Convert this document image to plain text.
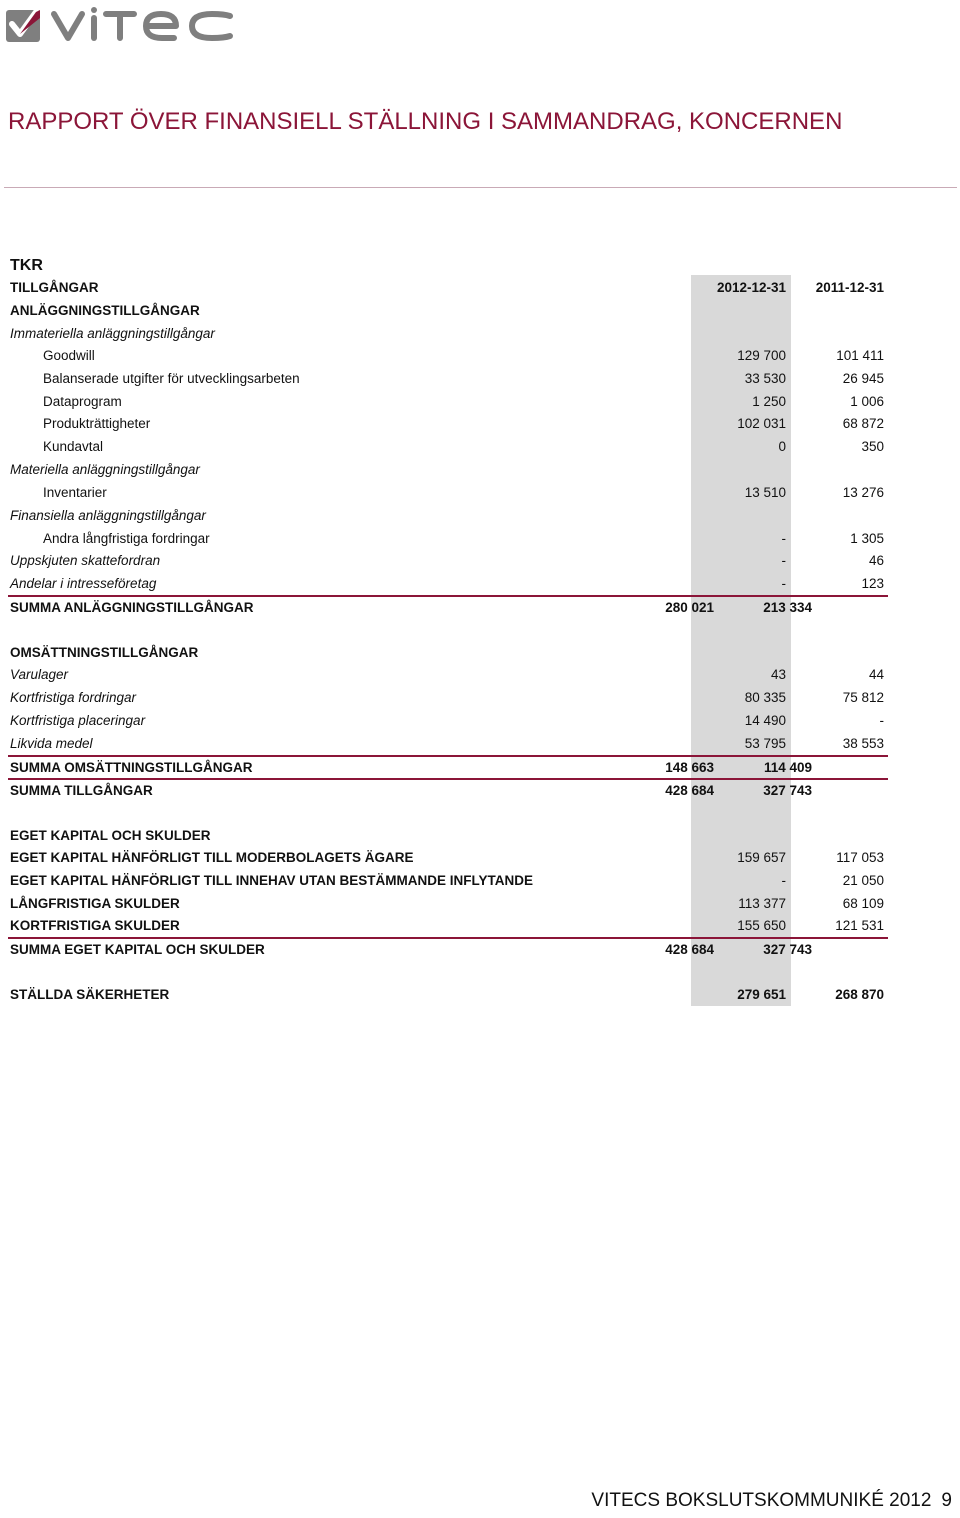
RAPPORT ÖVER FINANSIELL STÄLLNING I SAMMANDRAG, KONCERNEN
TKR
TILLGÅNGAR	2012-12-31 2011-12-31
ANLÄGGNINGSTILLGÅNGAR
Immateriella anläggningstillgångar
Goodwill	129 700	101 411
Balanserade utgifter för utvecklingsarbeten	33 530	26 945
Dataprogram	1 250	1 006
Produkträttigheter	102 031	68 872
Kundavtal	0	350
Materiella anläggningstillgångar
Inventarier	13 510	13 276
Finansiella anläggningstillgångar
Andra långfristiga fordringar	-	1 305
Uppskjuten skattefordran	-	46
Andelar i intresseföretag	-	123
SUMMA ANLÄGGNINGSTILLGÅNGAR	280 021	213 334
OMSÄTTNINGSTILLGÅNGAR
Varulager	43	44
Kortfristiga fordringar	80 335	75 812
Kortfristiga placeringar	14 490	-
Likvida medel	53 795	38 553
SUMMA OMSÄTTNINGSTILLGÅNGAR	148 663	114 409
SUMMA TILLGÅNGAR	428 684	327 743
EGET KAPITAL OCH SKULDER
EGET KAPITAL HÄNFÖRLIGT TILL MODERBOLAGETS ÄGARE	159 657	117 053
EGET KAPITAL HÄNFÖRLIGT TILL INNEHAV UTAN BESTÄMMANDE INFLYTANDE	-	21 050
LÅNGFRISTIGA SKULDER	113 377	68 109
KORTFRISTIGA SKULDER	155 650	121 531
SUMMA EGET KAPITAL OCH SKULDER	428 684	327 743
STÄLLDA SÄKERHETER	279 651	268 870
VITECS BOKSLUTSKOMMUNIKÉ 2012 9
